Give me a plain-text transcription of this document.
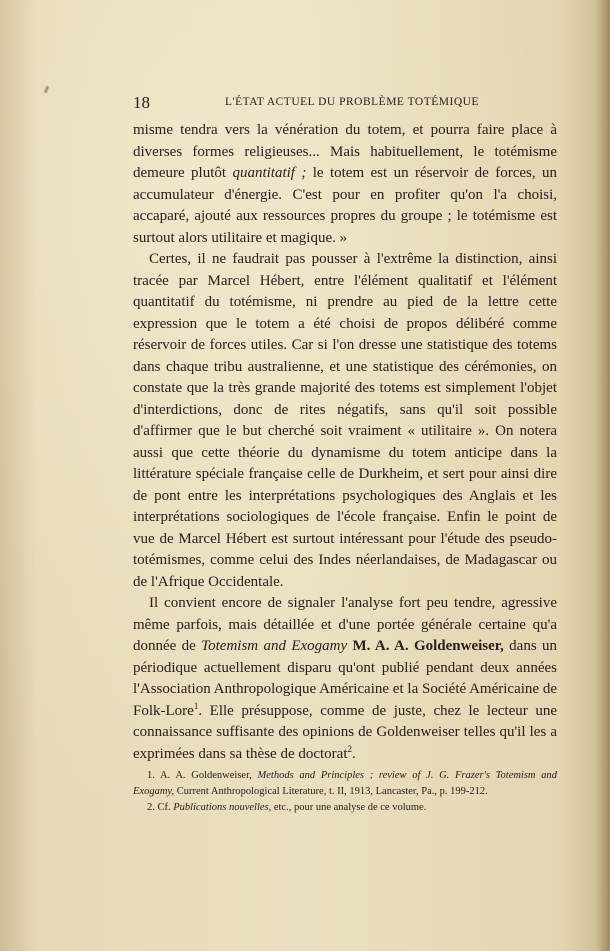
18	L'ÉTAT ACTUEL DU PROBLÈME TOTÉMIQUE

misme tendra vers la vénération du totem, et pourra faire place à diverses formes religieuses... Mais habituellement, le totémisme demeure plutôt quantitatif ; le totem est un réservoir de forces, un accumulateur d'énergie. C'est pour en profiter qu'on l'a choisi, accaparé, ajouté aux ressources propres du groupe ; le totémisme est surtout alors utilitaire et magique. »

Certes, il ne faudrait pas pousser à l'extrême la distinction, ainsi tracée par Marcel Hébert, entre l'élément qualitatif et l'élément quantitatif du totémisme, ni prendre au pied de la lettre cette expression que le totem a été choisi de propos délibéré comme réservoir de forces utiles. Car si l'on dresse une statistique des totems dans chaque tribu australienne, et une statistique des cérémonies, on constate que la très grande majorité des totems est simplement l'objet d'interdictions, donc de rites négatifs, sans qu'il soit possible d'affirmer que le but cherché soit vraiment « utilitaire ». On notera aussi que cette théorie du dynamisme du totem anticipe dans la littérature spéciale française celle de Durkheim, et sert pour ainsi dire de pont entre les interprétations psychologiques des Anglais et les interprétations sociologiques de l'école française. Enfin le point de vue de Marcel Hébert est surtout intéressant pour l'étude des pseudo-totémismes, comme celui des Indes néerlandaises, de Madagascar ou de l'Afrique Occidentale.

Il convient encore de signaler l'analyse fort peu tendre, agressive même parfois, mais détaillée et d'une portée générale certaine qu'a donnée de Totemism and Exogamy M. A. A. Goldenweiser, dans un périodique actuellement disparu qu'ont publié pendant deux années l'Association Anthropologique Américaine et la Société Américaine de Folk-Lore$^1$. Elle présuppose, comme de juste, chez le lecteur une connaissance suffisante des opinions de Goldenweiser telles qu'il les a exprimées dans sa thèse de doctorat$^2$.

1. A. A. Goldenweiser, Methods and Principles ; review of J. G. Frazer's Totemism and Exogamy, Current Anthropological Literature, t. II, 1913, Lancaster, Pa., p. 199-212.

2. Cf. Publications nouvelles, etc., pour une analyse de ce volume.
